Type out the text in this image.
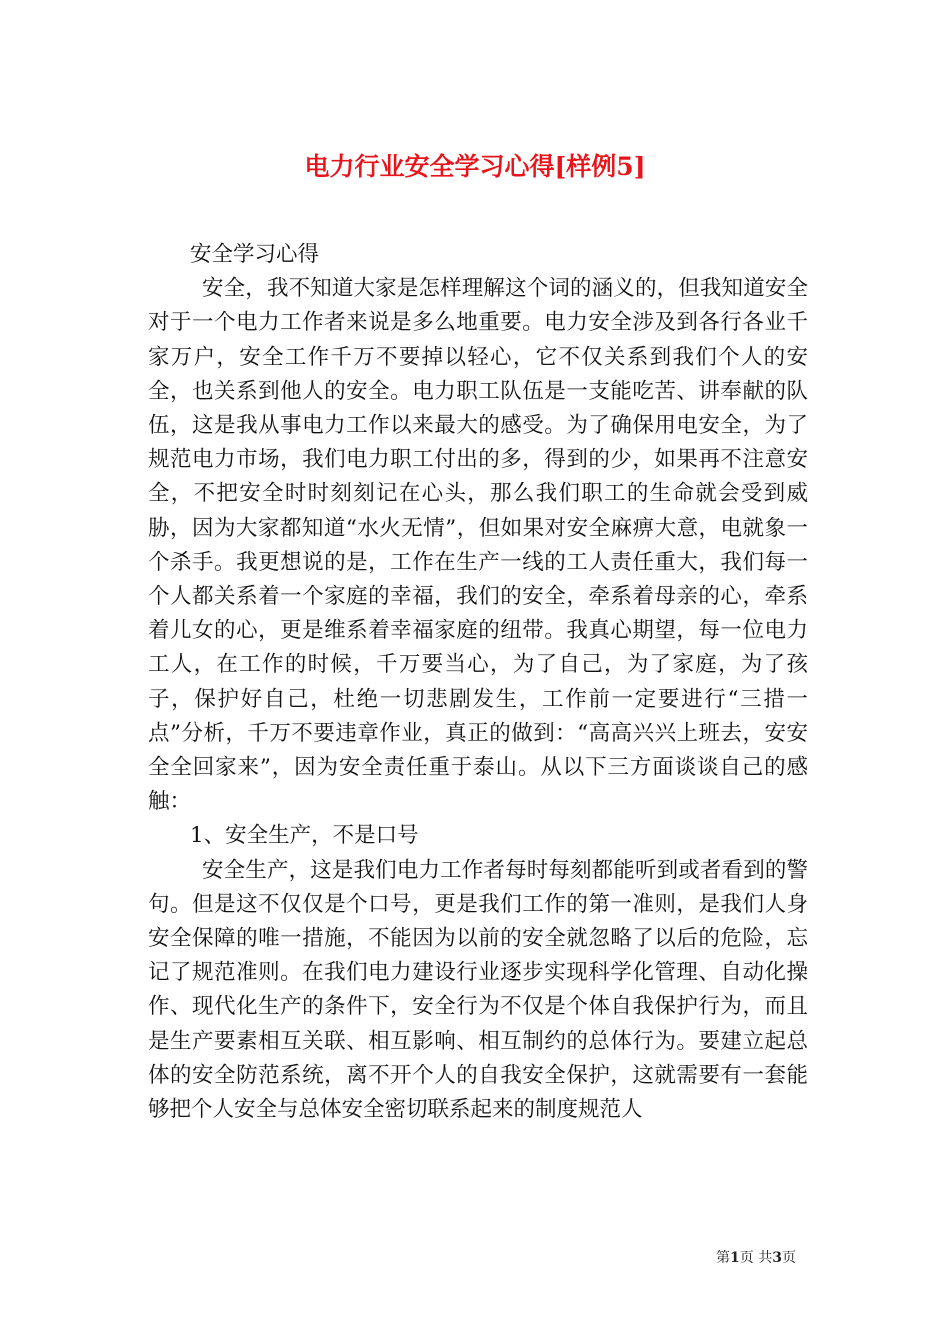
电力行业安全学习心得[样例5]

安全学习心得

安全，我不知道大家是怎样理解这个词的涵义的，但我知道安全对于一个电力工作者来说是多么地重要。电力安全涉及到各行各业千家万户，安全工作千万不要掉以轻心，它不仅关系到我们个人的安全，也关系到他人的安全。电力职工队伍是一支能吃苦、讲奉献的队伍，这是我从事电力工作以来最大的感受。为了确保用电安全，为了规范电力市场，我们电力职工付出的多，得到的少，如果再不注意安全，不把安全时时刻刻记在心头，那么我们职工的生命就会受到威胁，因为大家都知道“水火无情”，但如果对安全麻痹大意，电就象一个杀手。我更想说的是，工作在生产一线的工人责任重大，我们每一个人都关系着一个家庭的幸福，我们的安全，牵系着母亲的心，牵系着儿女的心，更是维系着幸福家庭的纽带。我真心期望，每一位电力工人，在工作的时候，千万要当心，为了自己，为了家庭，为了孩子，保护好自己，杜绝一切悲剧发生，工作前一定要进行“三措一点”分析，千万不要违章作业，真正的做到：“高高兴兴上班去，安安全全回家来”，因为安全责任重于泰山。从以下三方面谈谈自己的感触：

1、安全生产，不是口号

安全生产，这是我们电力工作者每时每刻都能听到或者看到的警句。但是这不仅仅是个口号，更是我们工作的第一准则，是我们人身安全保障的唯一措施，不能因为以前的安全就忽略了以后的危险，忘记了规范准则。在我们电力建设行业逐步实现科学化管理、自动化操作、现代化生产的条件下，安全行为不仅是个体自我保护行为，而且是生产要素相互关联、相互影响、相互制约的总体行为。要建立起总体的安全防范系统，离不开个人的自我安全保护，这就需要有一套能够把个人安全与总体安全密切联系起来的制度规范人

第1页 共3页
